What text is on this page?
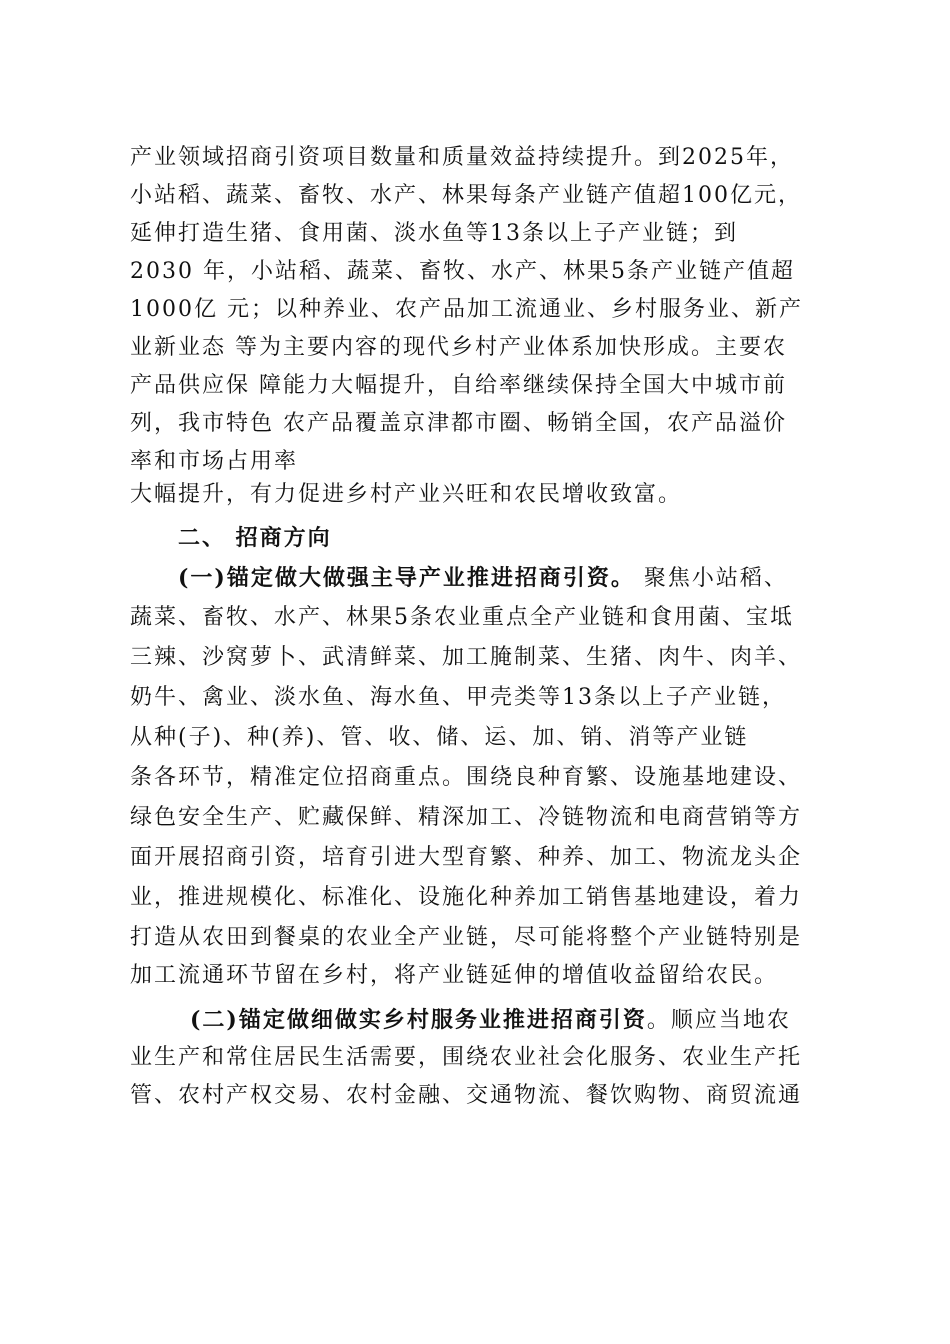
产业领域招商引资项目数量和质量效益持续提升。到2025年，
小站稻、蔬菜、畜牧、水产、林果每条产业链产值超100亿元，
延伸打造生猪、食用菌、淡水鱼等13条以上子产业链；到
2030 年，小站稻、蔬菜、畜牧、水产、林果5条产业链产值超
1000亿 元；以种养业、农产品加工流通业、乡村服务业、新产
业新业态 等为主要内容的现代乡村产业体系加快形成。主要农
产品供应保 障能力大幅提升，自给率继续保持全国大中城市前
列，我市特色 农产品覆盖京津都市圈、畅销全国，农产品溢价
率和市场占用率
大幅提升，有力促进乡村产业兴旺和农民增收致富。
二、 招商方向
(一)锚定做大做强主导产业推进招商引资。 聚焦小站稻、
蔬菜、畜牧、水产、林果5条农业重点全产业链和食用菌、宝坻
三辣、沙窝萝卜、武清鲜菜、加工腌制菜、生猪、肉牛、肉羊、
奶牛、禽业、淡水鱼、海水鱼、甲壳类等13条以上子产业链，
从种(子)、种(养)、管、收、储、运、加、销、消等产业链
条各环节，精准定位招商重点。围绕良种育繁、设施基地建设、
绿色安全生产、贮藏保鲜、精深加工、冷链物流和电商营销等方
面开展招商引资，培育引进大型育繁、种养、加工、物流龙头企
业，推进规模化、标准化、设施化种养加工销售基地建设，着力
打造从农田到餐桌的农业全产业链，尽可能将整个产业链特别是
加工流通环节留在乡村，将产业链延伸的增值收益留给农民。
(二)锚定做细做实乡村服务业推进招商引资。顺应当地农
业生产和常住居民生活需要，围绕农业社会化服务、农业生产托
管、农村产权交易、农村金融、交通物流、餐饮购物、商贸流通
